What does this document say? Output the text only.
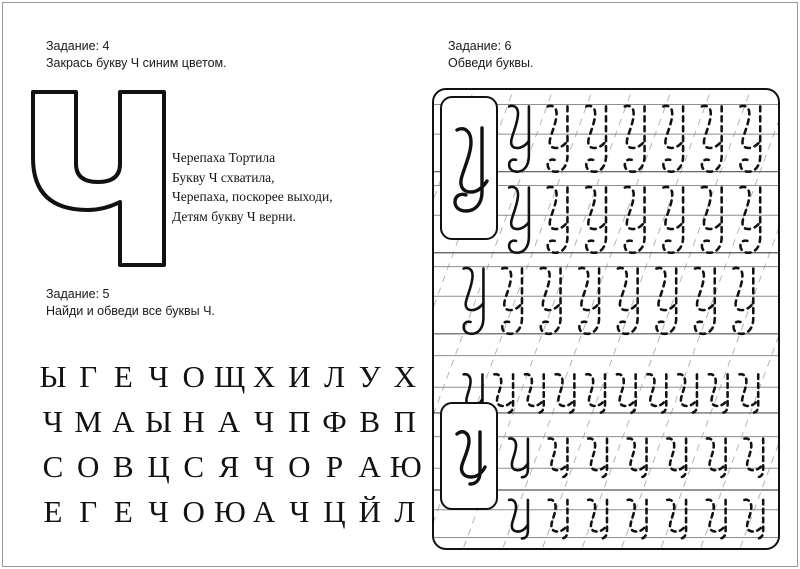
Задание: 4
Закрась букву Ч синим цветом.
Черепаха Тортила
Букву Ч схватила,
Черепаха, поскорее выходи,
Детям букву Ч верни.
Задание: 5
Найди и обведи все буквы Ч.
Ы Г Е Ч О Щ Х И Л У Х
Ч М А Ы Н А Ч П Ф В П
С О В Ц С Я Ч О Р А Ю
Е Г Е Ч О Ю А Ч Ц Й Л
Задание: 6
Обведи буквы.
